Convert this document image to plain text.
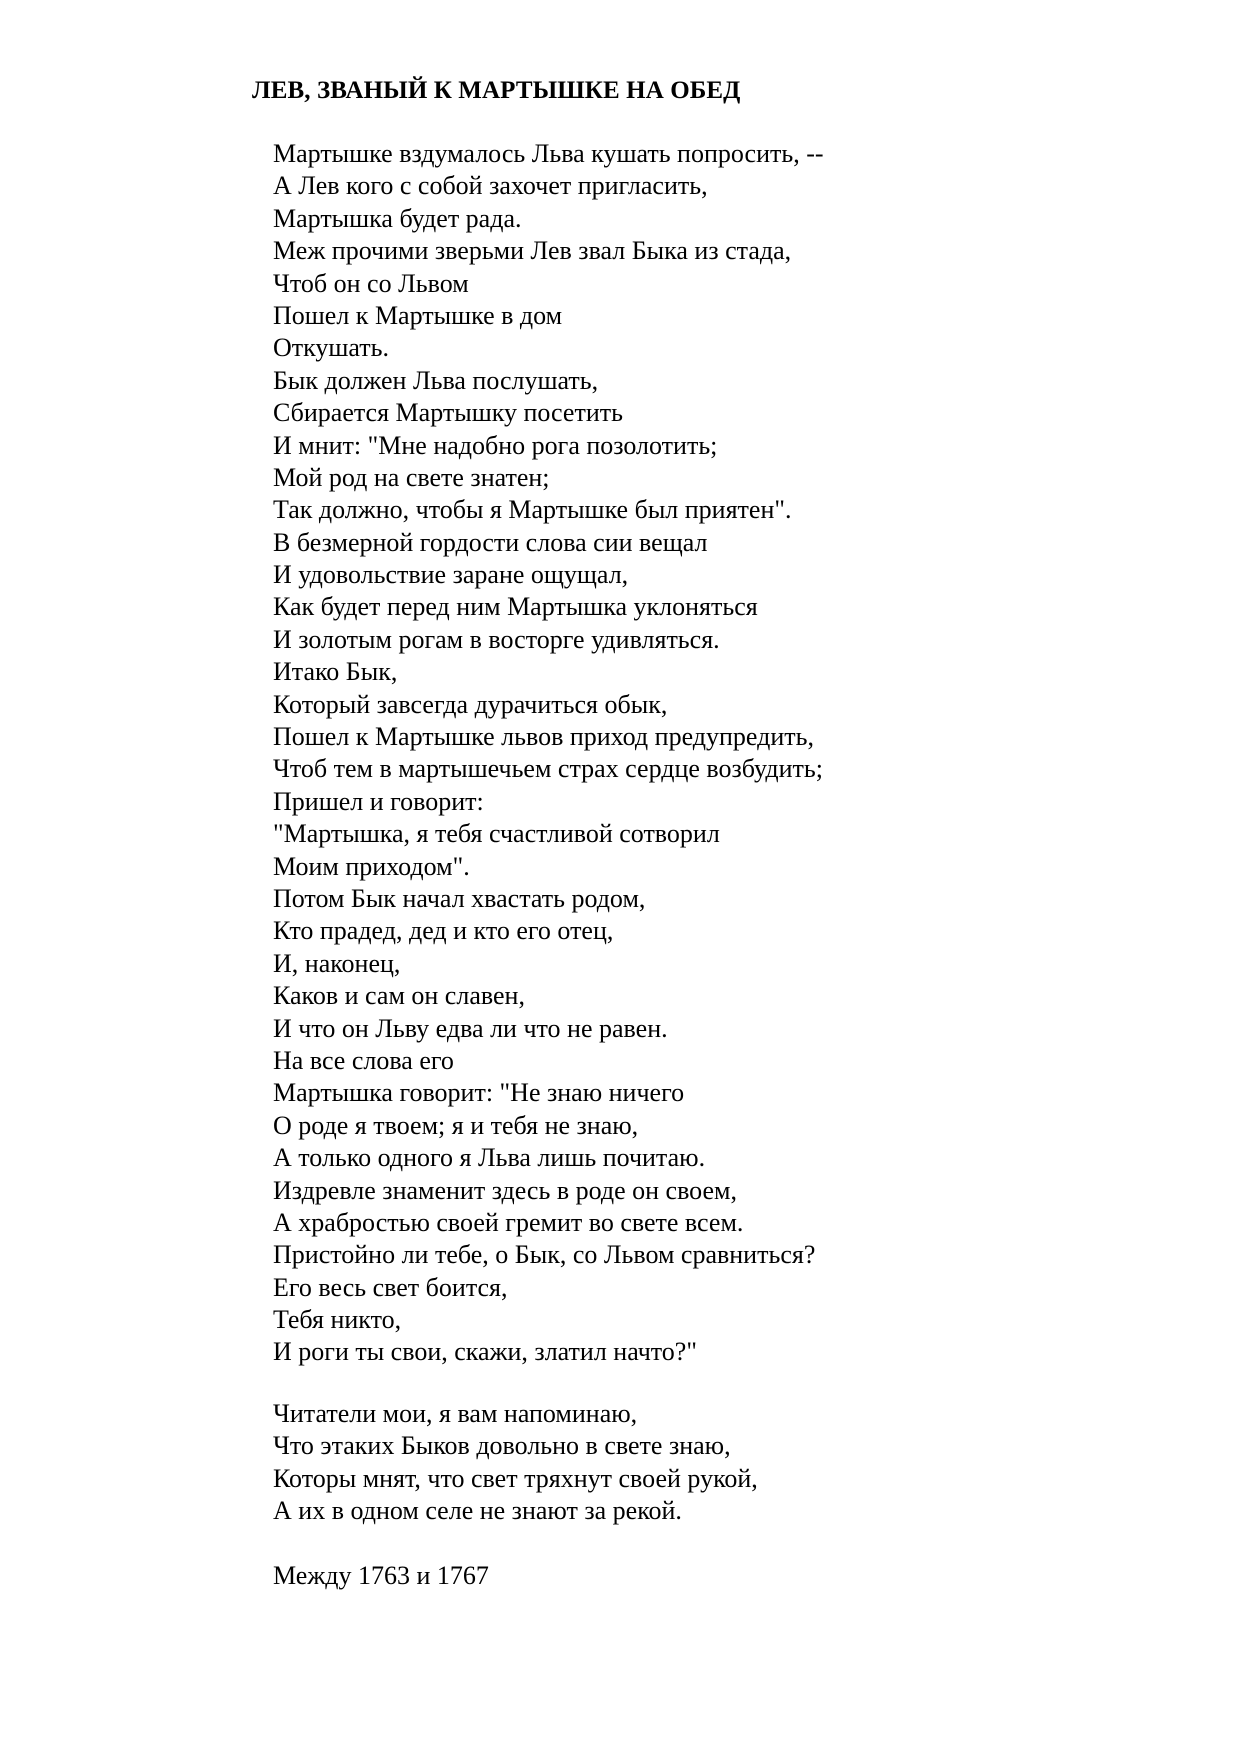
ЛЕВ, ЗВАНЫЙ К МАРТЫШКЕ НА ОБЕД
Мартышке вздумалось Льва кушать попросить, --
А Лев кого с собой захочет пригласить,
Мартышка будет рада.
Меж прочими зверьми Лев звал Быка из стада,
Чтоб он со Львом
Пошел к Мартышке в дом
Откушать.
Бык должен Льва послушать,
Сбирается Мартышку посетить
И мнит: "Мне надобно рога позолотить;
Мой род на свете знатен;
Так должно, чтобы я Мартышке был приятен".
В безмерной гордости слова сии вещал
И удовольствие заране ощущал,
Как будет перед ним Мартышка уклоняться
И золотым рогам в восторге удивляться.
Итако Бык,
Который завсегда дурачиться обык,
Пошел к Мартышке львов приход предупредить,
Чтоб тем в мартышечьем страх сердце возбудить;
Пришел и говорит:
"Мартышка, я тебя счастливой сотворил
Моим приходом".
Потом Бык начал хвастать родом,
Кто прадед, дед и кто его отец,
И, наконец,
Каков и сам он славен,
И что он Льву едва ли что не равен.
На все слова его
Мартышка говорит: "Не знаю ничего
О роде я твоем; я и тебя не знаю,
А только одного я Льва лишь почитаю.
Издревле знаменит здесь в роде он своем,
А храбростью своей гремит во свете всем.
Пристойно ли тебе, о Бык, со Львом сравниться?
Его весь свет боится,
Тебя никто,
И роги ты свои, скажи, златил начто?"
Читатели мои, я вам напоминаю,
Что этаких Быков довольно в свете знаю,
Которы мнят, что свет тряхнут своей рукой,
А их в одном селе не знают за рекой.

Между 1763 и 1767
